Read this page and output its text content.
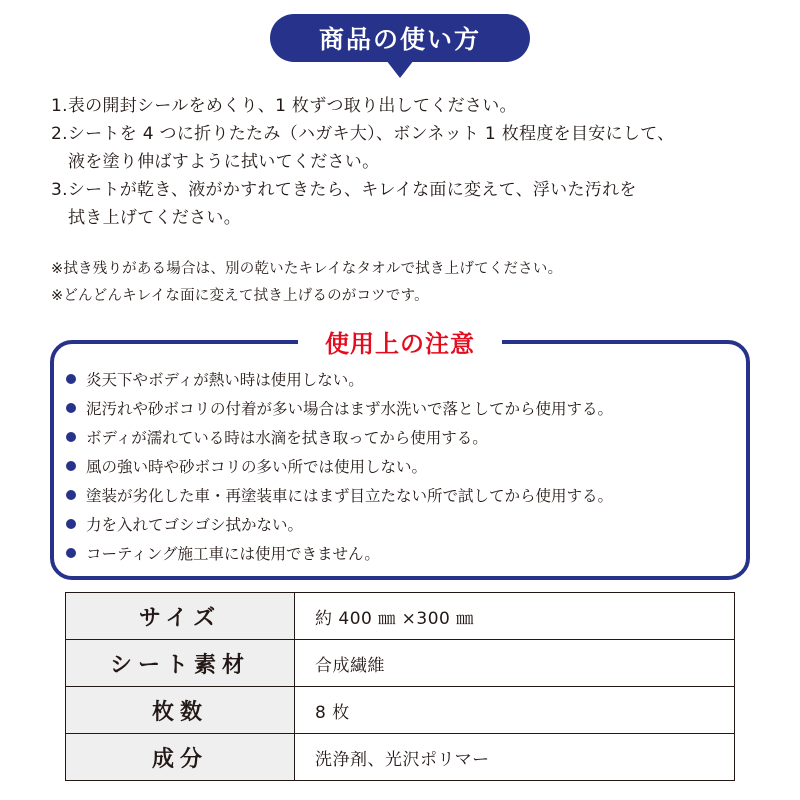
商品の使い方

1.表の開封シールをめくり、1 枚ずつ取り出してください。

2.シートを 4 つに折りたたみ（ハガキ大）、ボンネット 1 枚程度を目安にして、

液を塗り伸ばすように拭いてください。

3.シートが乾き、液がかすれてきたら、キレイな面に変えて、浮いた汚れを

拭き上げてください。

※拭き残りがある場合は、別の乾いたキレイなタオルで拭き上げてください。

※どんどんキレイな面に変えて拭き上げるのがコツです。

使用上の注意
炎天下やボディが熱い時は使用しない。
泥汚れや砂ボコリの付着が多い場合はまず水洗いで落としてから使用する。
ボディが濡れている時は水滴を拭き取ってから使用する。
風の強い時や砂ボコリの多い所では使用しない。
塗装が劣化した車・再塗装車にはまず目立たない所で試してから使用する。
力を入れてゴシゴシ拭かない。
コーティング施工車には使用できません。
サイズ	約 400 ㎜ ×300 ㎜
シート素材	合成繊維
枚数	8 枚
成分	洗浄剤、光沢ポリマー
